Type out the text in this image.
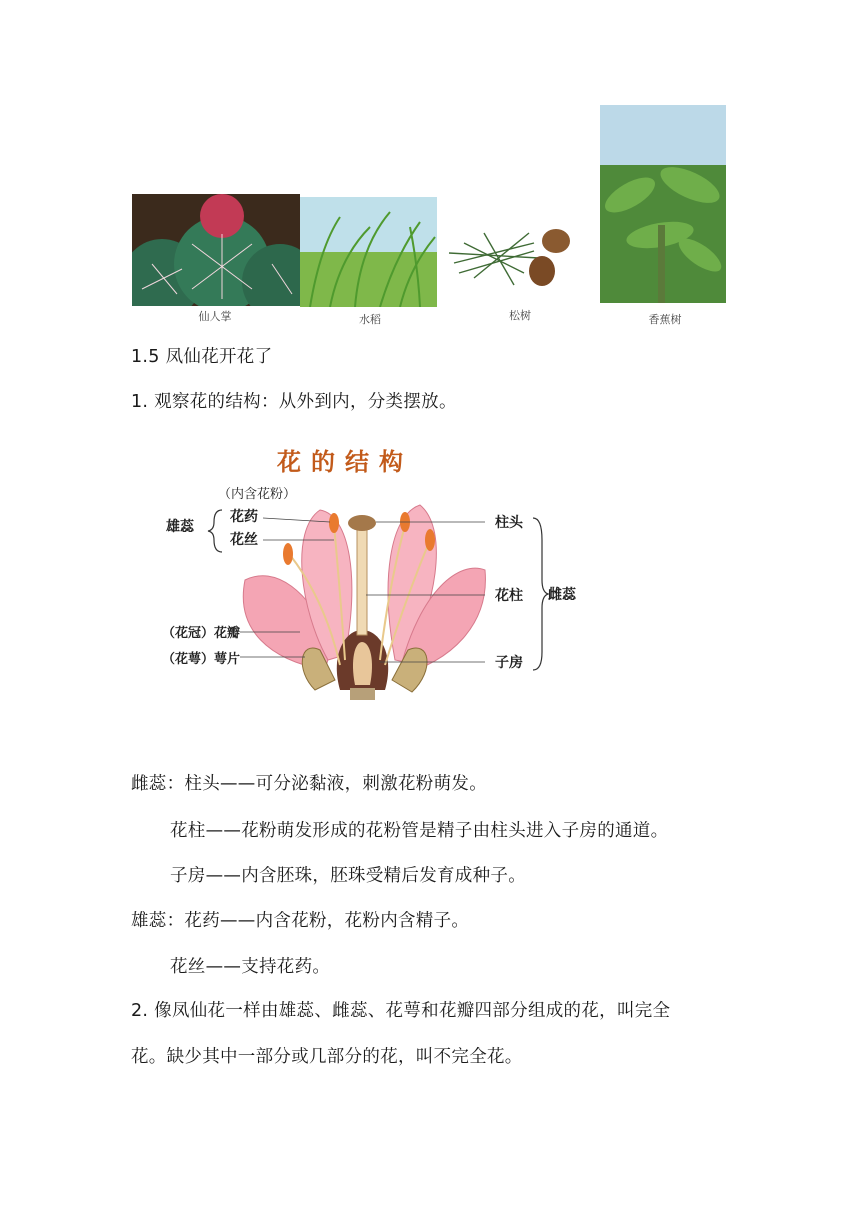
仙人掌	水稻	松树	香蕉树
1.5 凤仙花开花了
1. 观察花的结构：从外到内，分类摆放。
花的结构
（内含花粉）
花药
花丝
雄蕊
（花冠）花瓣
（花萼）萼片
柱头
花柱
子房
雌蕊
雌蕊：柱头——可分泌黏液，刺激花粉萌发。
花柱——花粉萌发形成的花粉管是精子由柱头进入子房的通道。
子房——内含胚珠，胚珠受精后发育成种子。
雄蕊：花药——内含花粉，花粉内含精子。
花丝——支持花药。
2. 像凤仙花一样由雄蕊、雌蕊、花萼和花瓣四部分组成的花，叫完全
花。缺少其中一部分或几部分的花，叫不完全花。
